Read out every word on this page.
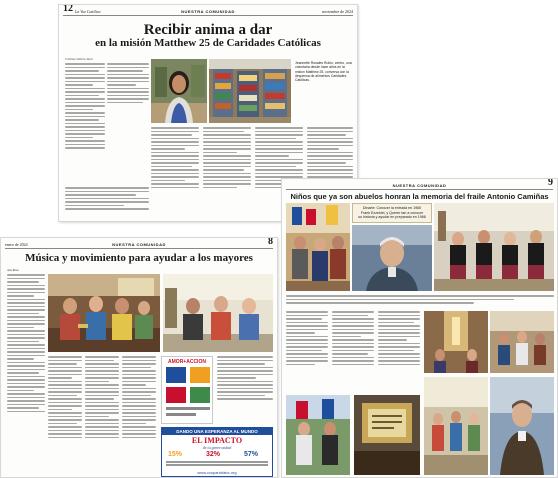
12 La Voz Católica	NUESTRA COMUNIDAD	noviembre de 2024
Recibir anima a dar
en la misión Matthew 25 de Caridades Católicas
Cristina Cabrera Jarro
Jeannette Rosales Rubio, centro, una voluntaria desde hace años en la misión Matthew 25, conversa con la despensa de alimentos Caridades Católicas.
enero de 2024	NUESTRA COMUNIDAD	8
Música y movimiento para ayudar a los mayores
Ana Rosa
AMOR+ACCION
DANDO UNA ESPERANZA AL MUNDO
EL IMPACTO
de tu generosidad
15%	32%	57%
www.ccspartofabc.org
NUESTRA COMUNIDAD	9
Niños que ya son abuelos honran la memoria del fraile Antonio Camiñas
Dinarte: Conocer la entrada en 1965
Frank Ezzekiel, y Querer tan a conocer
su historia y ayudar en preparado en 1966
